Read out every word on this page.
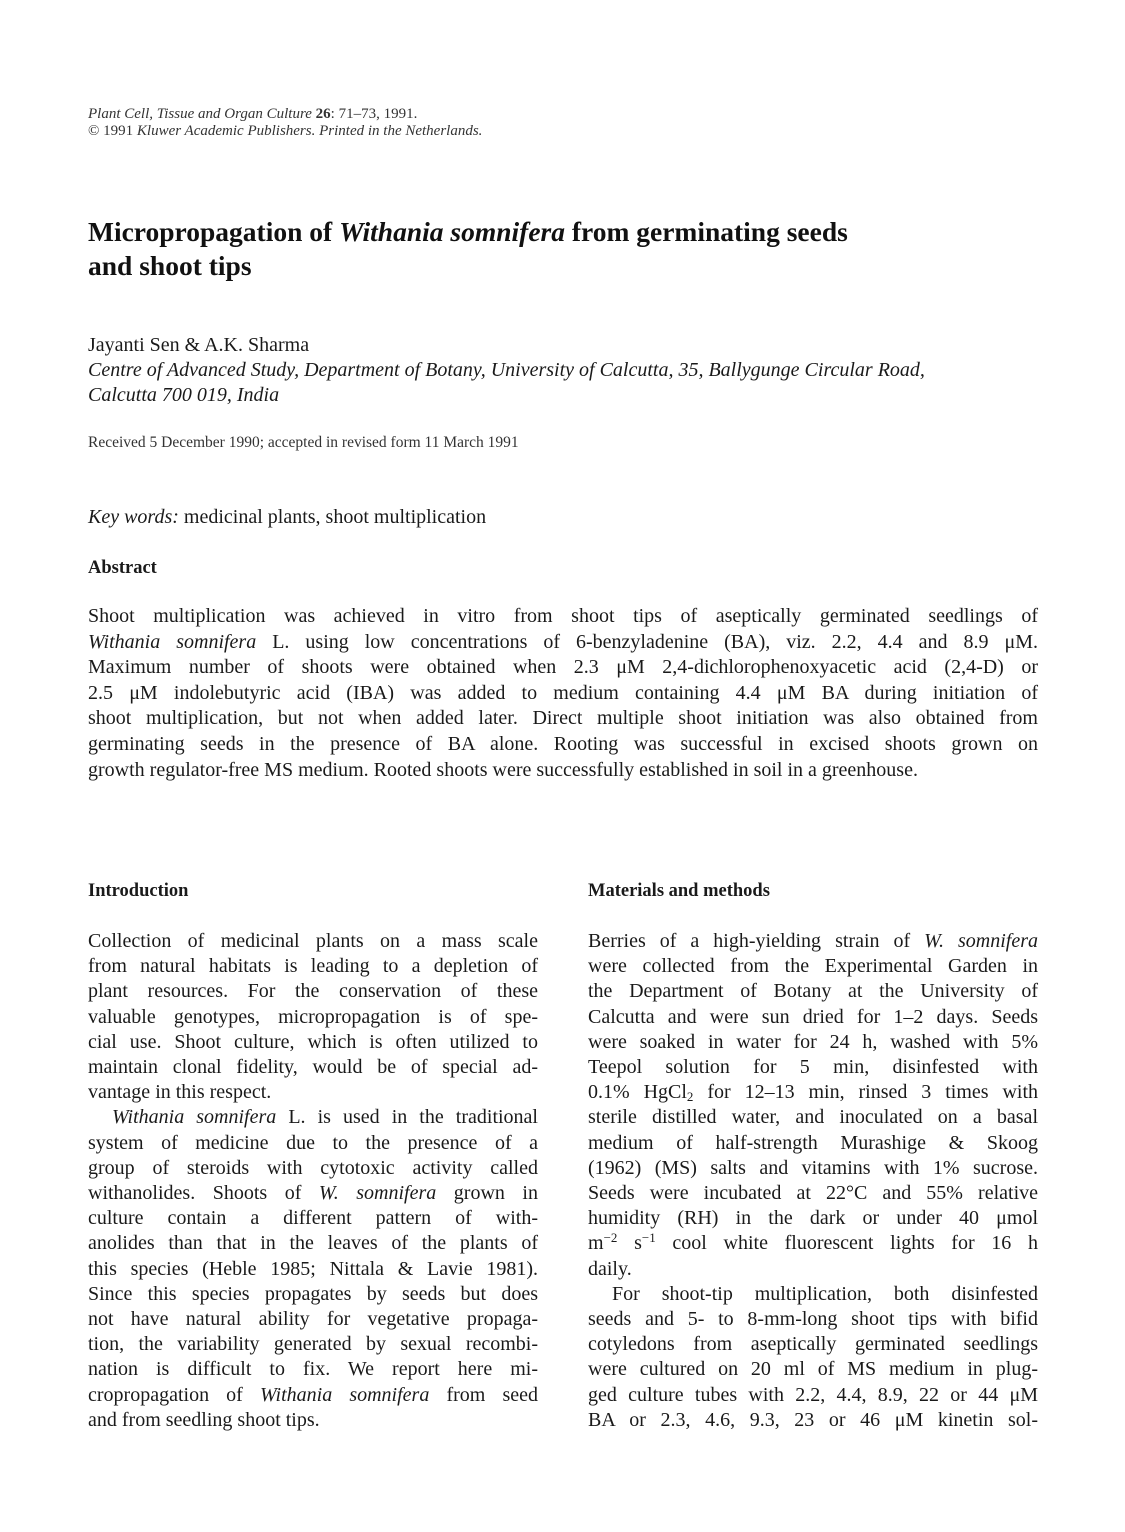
Plant Cell, Tissue and Organ Culture 26: 71–73, 1991.
© 1991 Kluwer Academic Publishers. Printed in the Netherlands.
Micropropagation of Withania somnifera from germinating seeds
and shoot tips
Jayanti Sen & A.K. Sharma
Centre of Advanced Study, Department of Botany, University of Calcutta, 35, Ballygunge Circular Road,
Calcutta 700 019, India
Received 5 December 1990; accepted in revised form 11 March 1991
Key words: medicinal plants, shoot multiplication
Abstract
Shoot multiplication was achieved in vitro from shoot tips of aseptically germinated seedlings of
Withania somnifera L. using low concentrations of 6-benzyladenine (BA), viz. 2.2, 4.4 and 8.9 μM.
Maximum number of shoots were obtained when 2.3 μM 2,4-dichlorophenoxyacetic acid (2,4-D) or
2.5 μM indolebutyric acid (IBA) was added to medium containing 4.4 μM BA during initiation of
shoot multiplication, but not when added later. Direct multiple shoot initiation was also obtained from
germinating seeds in the presence of BA alone. Rooting was successful in excised shoots grown on
growth regulator-free MS medium. Rooted shoots were successfully established in soil in a greenhouse.
Introduction	Materials and methods
Collection of medicinal plants on a mass scale
from natural habitats is leading to a depletion of
plant resources. For the conservation of these
valuable genotypes, micropropagation is of spe-
cial use. Shoot culture, which is often utilized to
maintain clonal fidelity, would be of special ad-
vantage in this respect.
Withania somnifera L. is used in the traditional
system of medicine due to the presence of a
group of steroids with cytotoxic activity called
withanolides. Shoots of W. somnifera grown in
culture contain a different pattern of with-
anolides than that in the leaves of the plants of
this species (Heble 1985; Nittala & Lavie 1981).
Since this species propagates by seeds but does
not have natural ability for vegetative propaga-
tion, the variability generated by sexual recombi-
nation is difficult to fix. We report here mi-
cropropagation of Withania somnifera from seed
and from seedling shoot tips.
Berries of a high-yielding strain of W. somnifera
were collected from the Experimental Garden in
the Department of Botany at the University of
Calcutta and were sun dried for 1–2 days. Seeds
were soaked in water for 24 h, washed with 5%
Teepol solution for 5 min, disinfested with
0.1% HgCl$_2$ for 12–13 min, rinsed 3 times with
sterile distilled water, and inoculated on a basal
medium of half-strength Murashige & Skoog
(1962) (MS) salts and vitamins with 1% sucrose.
Seeds were incubated at 22°C and 55% relative
humidity (RH) in the dark or under 40 μmol
$m^{-2}$ $s^{-1}$ cool white fluorescent lights for 16 h
daily.
For shoot-tip multiplication, both disinfested
seeds and 5- to 8-mm-long shoot tips with bifid
cotyledons from aseptically germinated seedlings
were cultured on 20 ml of MS medium in plug-
ged culture tubes with 2.2, 4.4, 8.9, 22 or 44 μM
BA or 2.3, 4.6, 9.3, 23 or 46 μM kinetin sol-
